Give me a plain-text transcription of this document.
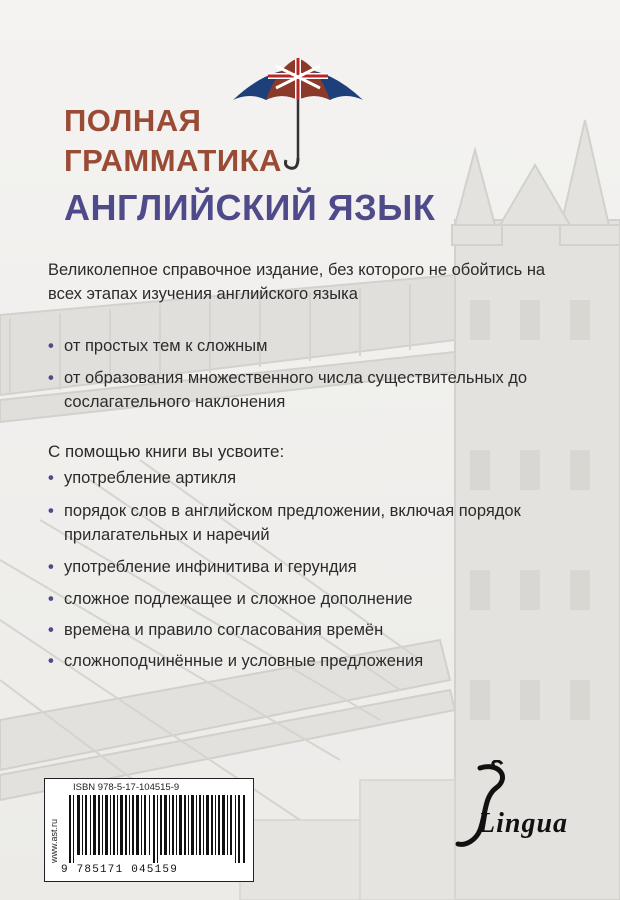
ПОЛНАЯ
ГРАММАТИКА
АНГЛИЙСКИЙ ЯЗЫК
Великолепное справочное издание, без которого не обойтись на всех этапах изучения английского языка
• от простых тем к сложным
• от образования множественного числа существительных до сослагательного наклонения
С помощью книги вы усвоите:
• употребление артикля
• порядок слов в английском предложении, включая порядок прилагательных и наречий
• употребление инфинитива и герундия
• сложное подлежащее и сложное дополнение
• времена и правило согласования времён
• сложноподчинённые и условные предложения
www.ast.ru
ISBN 978-5-17-104515-9
9 785171 045159
Lingua
